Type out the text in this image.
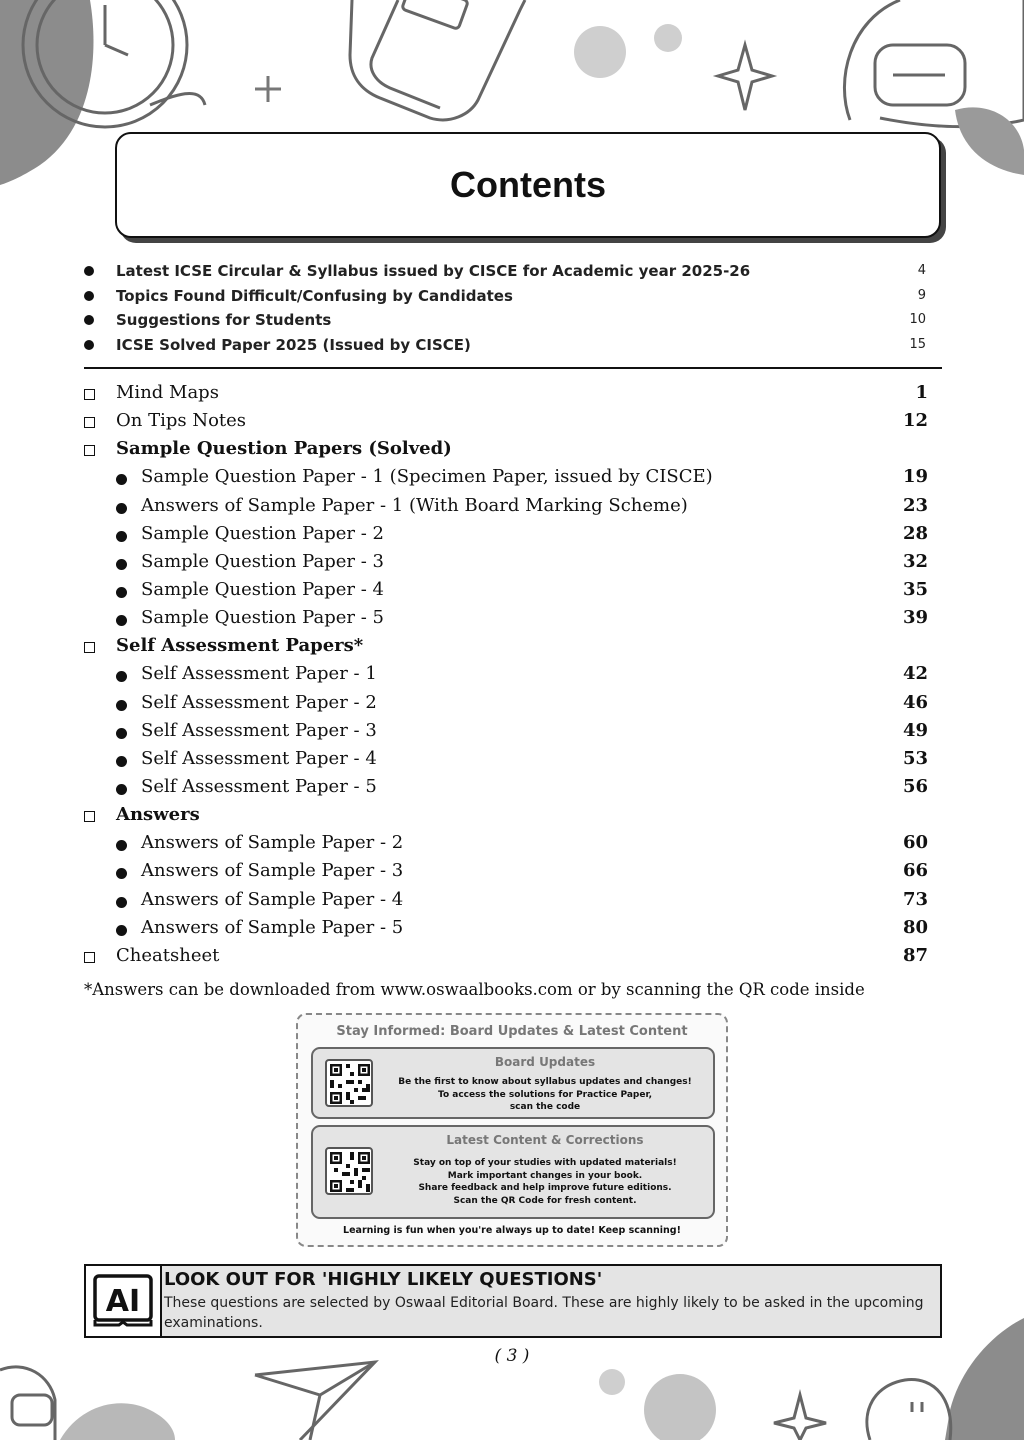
Contents
Latest ICSE Circular & Syllabus issued by CISCE for Academic year 2025-26	4
Topics Found Difficult/Confusing by Candidates	9
Suggestions for Students	10
ICSE Solved Paper 2025 (Issued by CISCE)	15
Mind Maps	1
On Tips Notes	12
Sample Question Papers (Solved)
Sample Question Paper - 1 (Specimen Paper, issued by CISCE)	19
Answers of Sample Paper - 1 (With Board Marking Scheme)	23
Sample Question Paper - 2	28
Sample Question Paper - 3	32
Sample Question Paper - 4	35
Sample Question Paper - 5	39
Self Assessment Papers*
Self Assessment Paper - 1	42
Self Assessment Paper - 2	46
Self Assessment Paper - 3	49
Self Assessment Paper - 4	53
Self Assessment Paper - 5	56
Answers
Answers of Sample Paper - 2	60
Answers of Sample Paper - 3	66
Answers of Sample Paper - 4	73
Answers of Sample Paper - 5	80
Cheatsheet	87
*Answers can be downloaded from www.oswaalbooks.com or by scanning the QR code inside
Stay Informed: Board Updates & Latest Content
Board Updates
Be the first to know about syllabus updates and changes!
To access the solutions for Practice Paper,
scan the code
Latest Content & Corrections
Stay on top of your studies with updated materials!
Mark important changes in your book.
Share feedback and help improve future editions.
Scan the QR Code for fresh content.
Learning is fun when you're always up to date! Keep scanning!
AI
LOOK OUT FOR 'HIGHLY LIKELY QUESTIONS'
These questions are selected by Oswaal Editorial Board. These are highly likely to be asked in the upcoming examinations.
( 3 )
